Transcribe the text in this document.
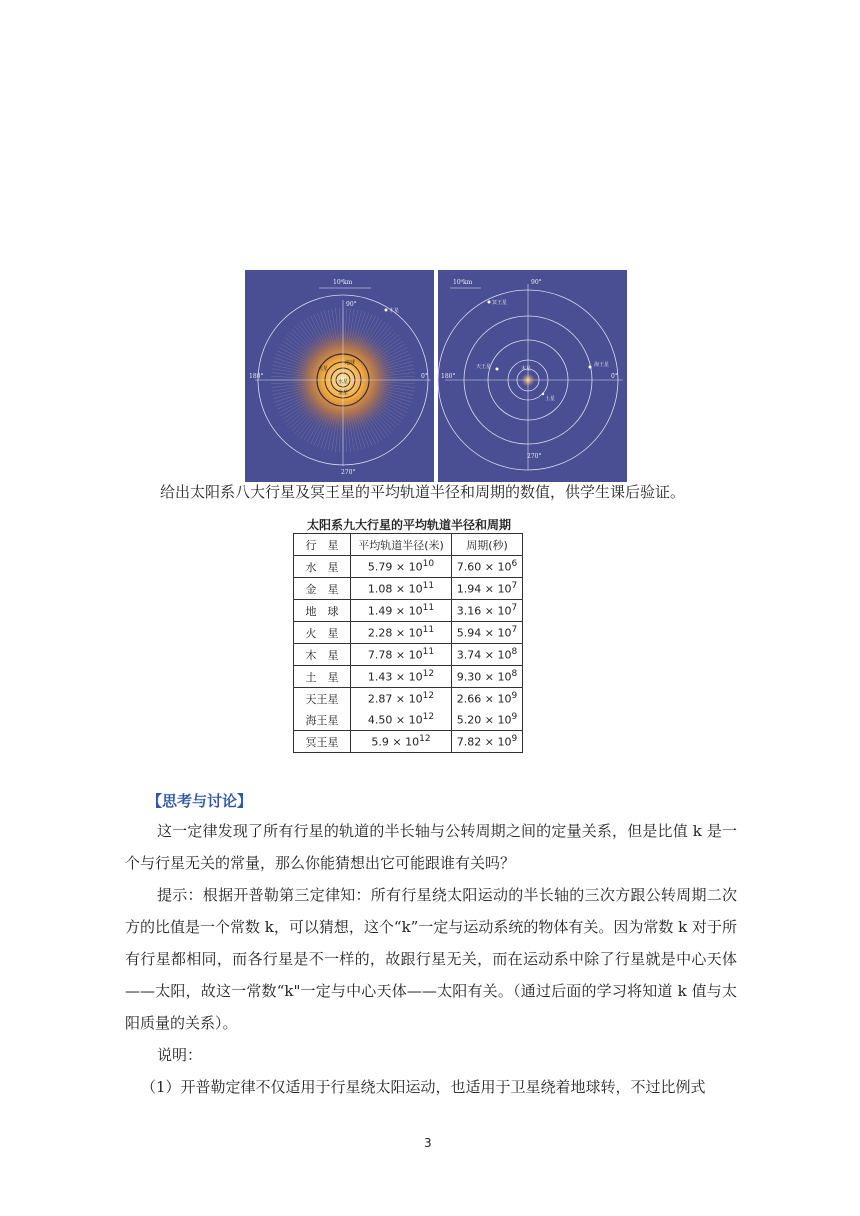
90°
180°	0°
270°
10⁸km
木星
火星
地球
金星
水星
90°
180°	0°
270°
10⁹km
冥王星
天王星	海王星
木星
土星
给出太阳系八大行星及冥王星的平均轨道半径和周期的数值，供学生课后验证。
太阳系九大行星的平均轨道半径和周期
行　星	平均轨道半径(米)	周期(秒)
水　星	$5.79 \times 10^{10}$	$7.60 \times 10^6$
金　星	$1.08 \times 10^{11}$	$1.94 \times 10^7$
地　球	$1.49 \times 10^{11}$	$3.16 \times 10^7$
火　星	$2.28 \times 10^{11}$	$5.94 \times 10^7$
木　星	$7.78 \times 10^{11}$	$3.74 \times 10^8$
土　星	$1.43 \times 10^{12}$	$9.30 \times 10^8$
天王星	$2.87 \times 10^{12}$	$2.66 \times 10^9$
海王星	$4.50 \times 10^{12}$	$5.20 \times 10^9$
冥王星	$5.9 \times 10^{12}$	$7.82 \times 10^9$
【思考与讨论】
这一定律发现了所有行星的轨道的半长轴与公转周期之间的定量关系，但是比值 k 是一个与行星无关的常量，那么你能猜想出它可能跟谁有关吗？
提示：根据开普勒第三定律知：所有行星绕太阳运动的半长轴的三次方跟公转周期二次方的比值是一个常数 k，可以猜想，这个“k”一定与运动系统的物体有关。因为常数 k 对于所有行星都相同，而各行星是不一样的，故跟行星无关，而在运动系中除了行星就是中心天体——太阳，故这一常数“k"一定与中心天体——太阳有关。（通过后面的学习将知道 k 值与太阳质量的关系）。
说明：
（1）开普勒定律不仅适用于行星绕太阳运动，也适用于卫星绕着地球转，不过比例式
3
